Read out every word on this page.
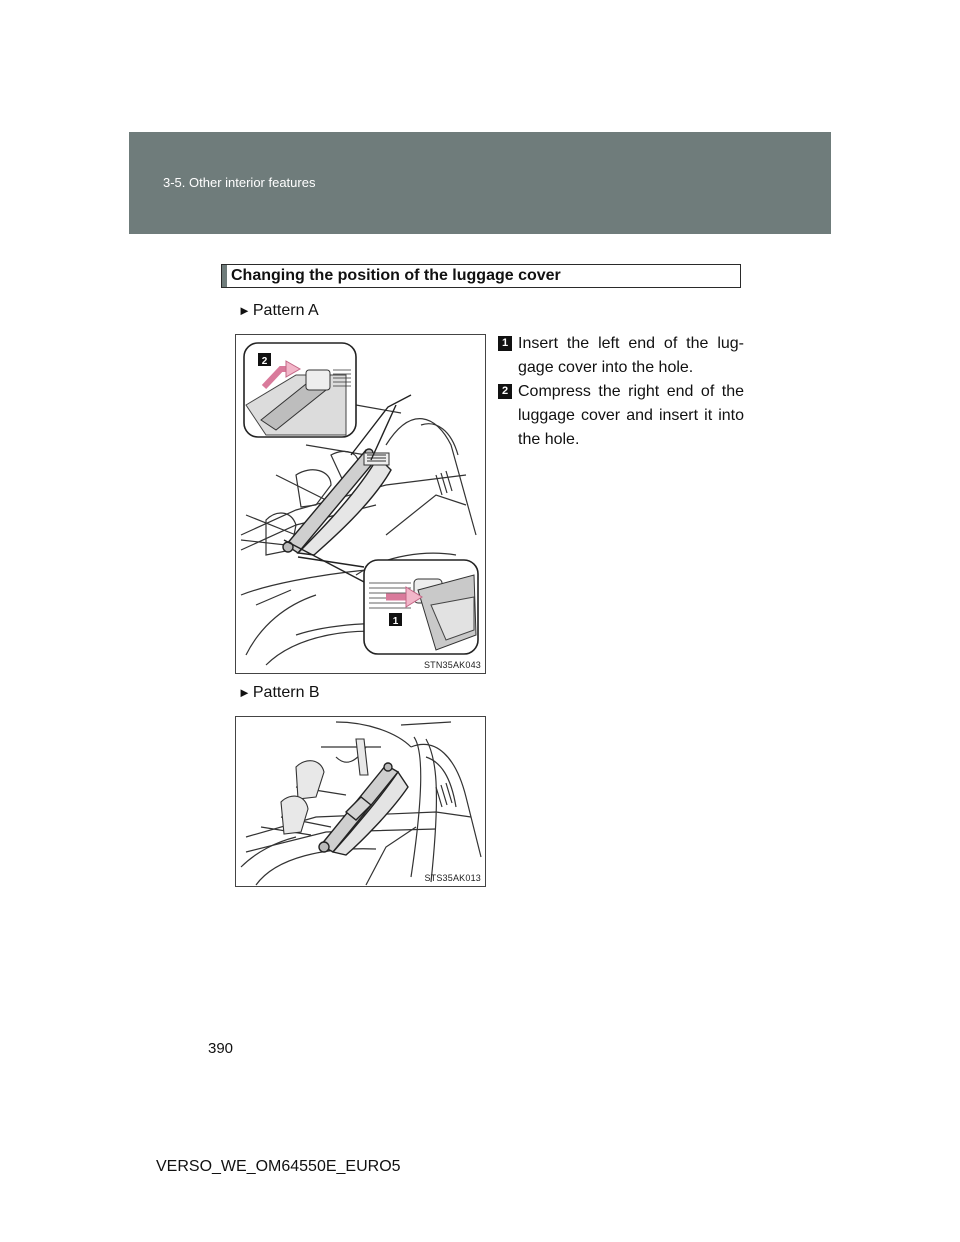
3-5. Other interior features
Changing the position of the luggage cover
► Pattern A
2
1
STN35AK043
1 Insert the left end of the lug-gage cover into the hole.
2 Compress the right end of the luggage cover and insert it into the hole.
► Pattern B
STS35AK013
390
VERSO_WE_OM64550E_EURO5
